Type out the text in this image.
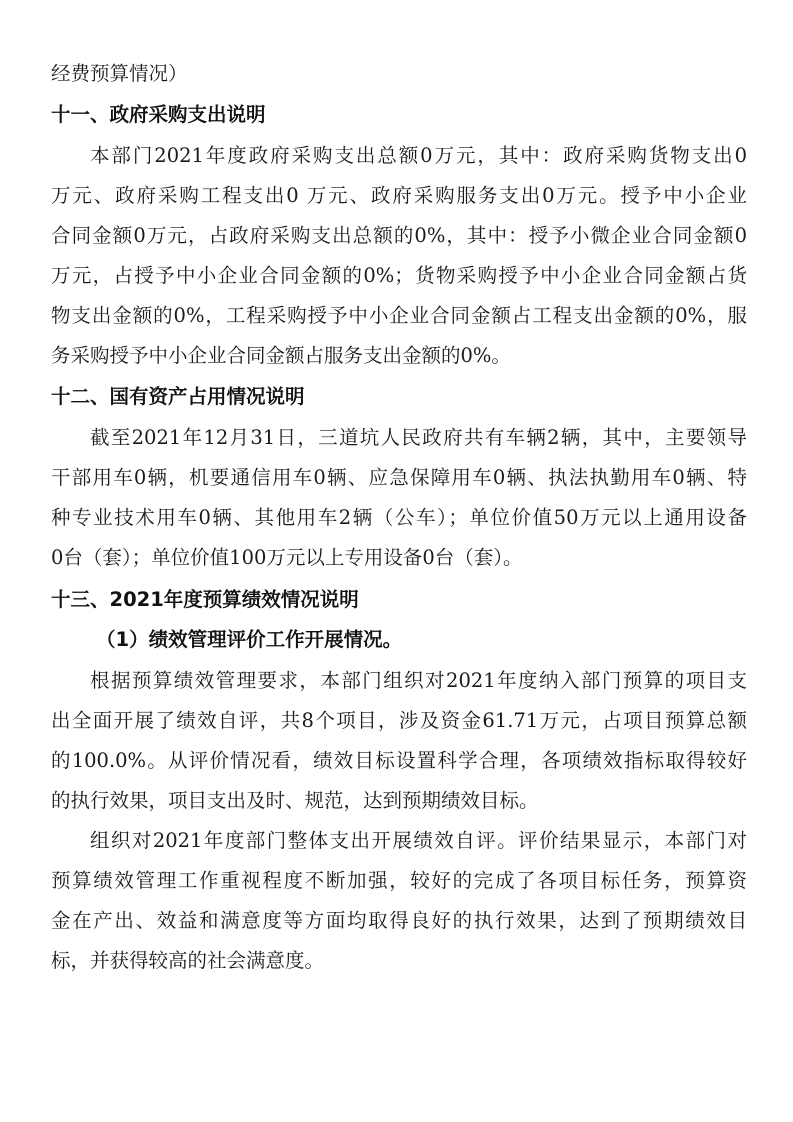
经费预算情况）
十一、政府采购支出说明
本部门2021年度政府采购支出总额0万元，其中：政府采购货物支出0
万元、政府采购工程支出0 万元、政府采购服务支出0万元。授予中小企业
合同金额0万元，占政府采购支出总额的0%，其中：授予小微企业合同金额0
万元，占授予中小企业合同金额的0%；货物采购授予中小企业合同金额占货
物支出金额的0%，工程采购授予中小企业合同金额占工程支出金额的0%，服
务采购授予中小企业合同金额占服务支出金额的0%。
十二、国有资产占用情况说明
截至2021年12月31日，三道坑人民政府共有车辆2辆，其中，主要领导
干部用车0辆，机要通信用车0辆、应急保障用车0辆、执法执勤用车0辆、特
种专业技术用车0辆、其他用车2辆（公车）；单位价值50万元以上通用设备
0台（套）；单位价值100万元以上专用设备0台（套）。
十三、2021年度预算绩效情况说明
（1）绩效管理评价工作开展情况。
根据预算绩效管理要求，本部门组织对2021年度纳入部门预算的项目支
出全面开展了绩效自评，共8个项目，涉及资金61.71万元，占项目预算总额
的100.0%。从评价情况看，绩效目标设置科学合理，各项绩效指标取得较好
的执行效果，项目支出及时、规范，达到预期绩效目标。
组织对2021年度部门整体支出开展绩效自评。评价结果显示，本部门对
预算绩效管理工作重视程度不断加强，较好的完成了各项目标任务，预算资
金在产出、效益和满意度等方面均取得良好的执行效果，达到了预期绩效目
标，并获得较高的社会满意度。
